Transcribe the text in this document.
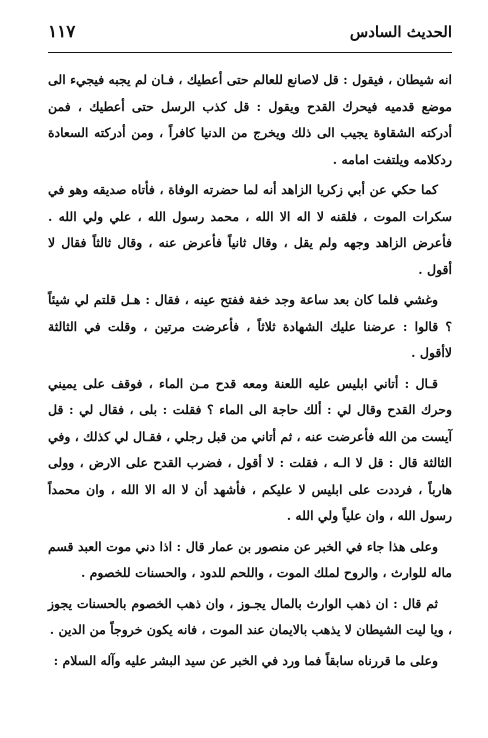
الحديث السادس
١١٧

انه شيطان ، فيقول : قل لاصانع للعالم حتى أعطيك ، فـان لم يجبه فيجيء الى موضع قدميه فيحرك القدح ويقول : قل كذب الرسل حتى أعطيك ، فمن أدركته الشقاوة يجيب الى ذلك ويخرج من الدنيا كافراً ، ومن أدركته السعادة ردكلامه ويلتفت امامه .

كما حكي عن أبي زكريا الزاهد أنه لما حضرته الوفاة ، فأتاه صديقه وهو في سكرات الموت ، فلقنه لا اله الا الله ، محمد رسول الله ، علي ولي الله . فأعرض الزاهد وجهه ولم يقل ، وقال ثانياً فأعرض عنه ، وقال ثالثاً فقال لا أقول .

وغشي فلما كان بعد ساعة وجد خفة ففتح عينه ، فقال : هـل قلتم لي شيئاً ؟ قالوا : عرضنا عليك الشهادة ثلاثاً ، فأعرضت مرتين ، وقلت في الثالثة لاأقول .

قـال : أتاني ابليس عليه اللعنة ومعه قدح مـن الماء ، فوقف على يميني وحرك القدح وقال لي : ألك حاجة الى الماء ؟ فقلت : بلى ، فقال لي : قل آيست من الله فأعرضت عنه ، ثم أتاني من قبل رجلي ، فقـال لي كذلك ، وفي الثالثة قال : قل لا الـه ، فقلت : لا أقول ، فضرب القدح على الارض ، وولى هارباً ، فرددت على ابليس لا عليكم ، فأشهد أن لا اله الا الله ، وان محمداً رسول الله ، وان علياً ولي الله .

وعلى هذا جاء في الخبر عن منصور بن عمار قال : اذا دني موت العبد قسم ماله للوارث ، والروح لملك الموت ، واللحم للدود ، والحسنات للخصوم .

ثم قال : ان ذهب الوارث بالمال يجـوز ، وان ذهب الخصوم بالحسنات يجوز ، ويا ليت الشيطان لا يذهب بالايمان عند الموت ، فانه يكون خروجاً من الدين .

وعلى ما قررناه سابقاً فما ورد في الخبر عن سيد البشر عليه وآله السلام :
